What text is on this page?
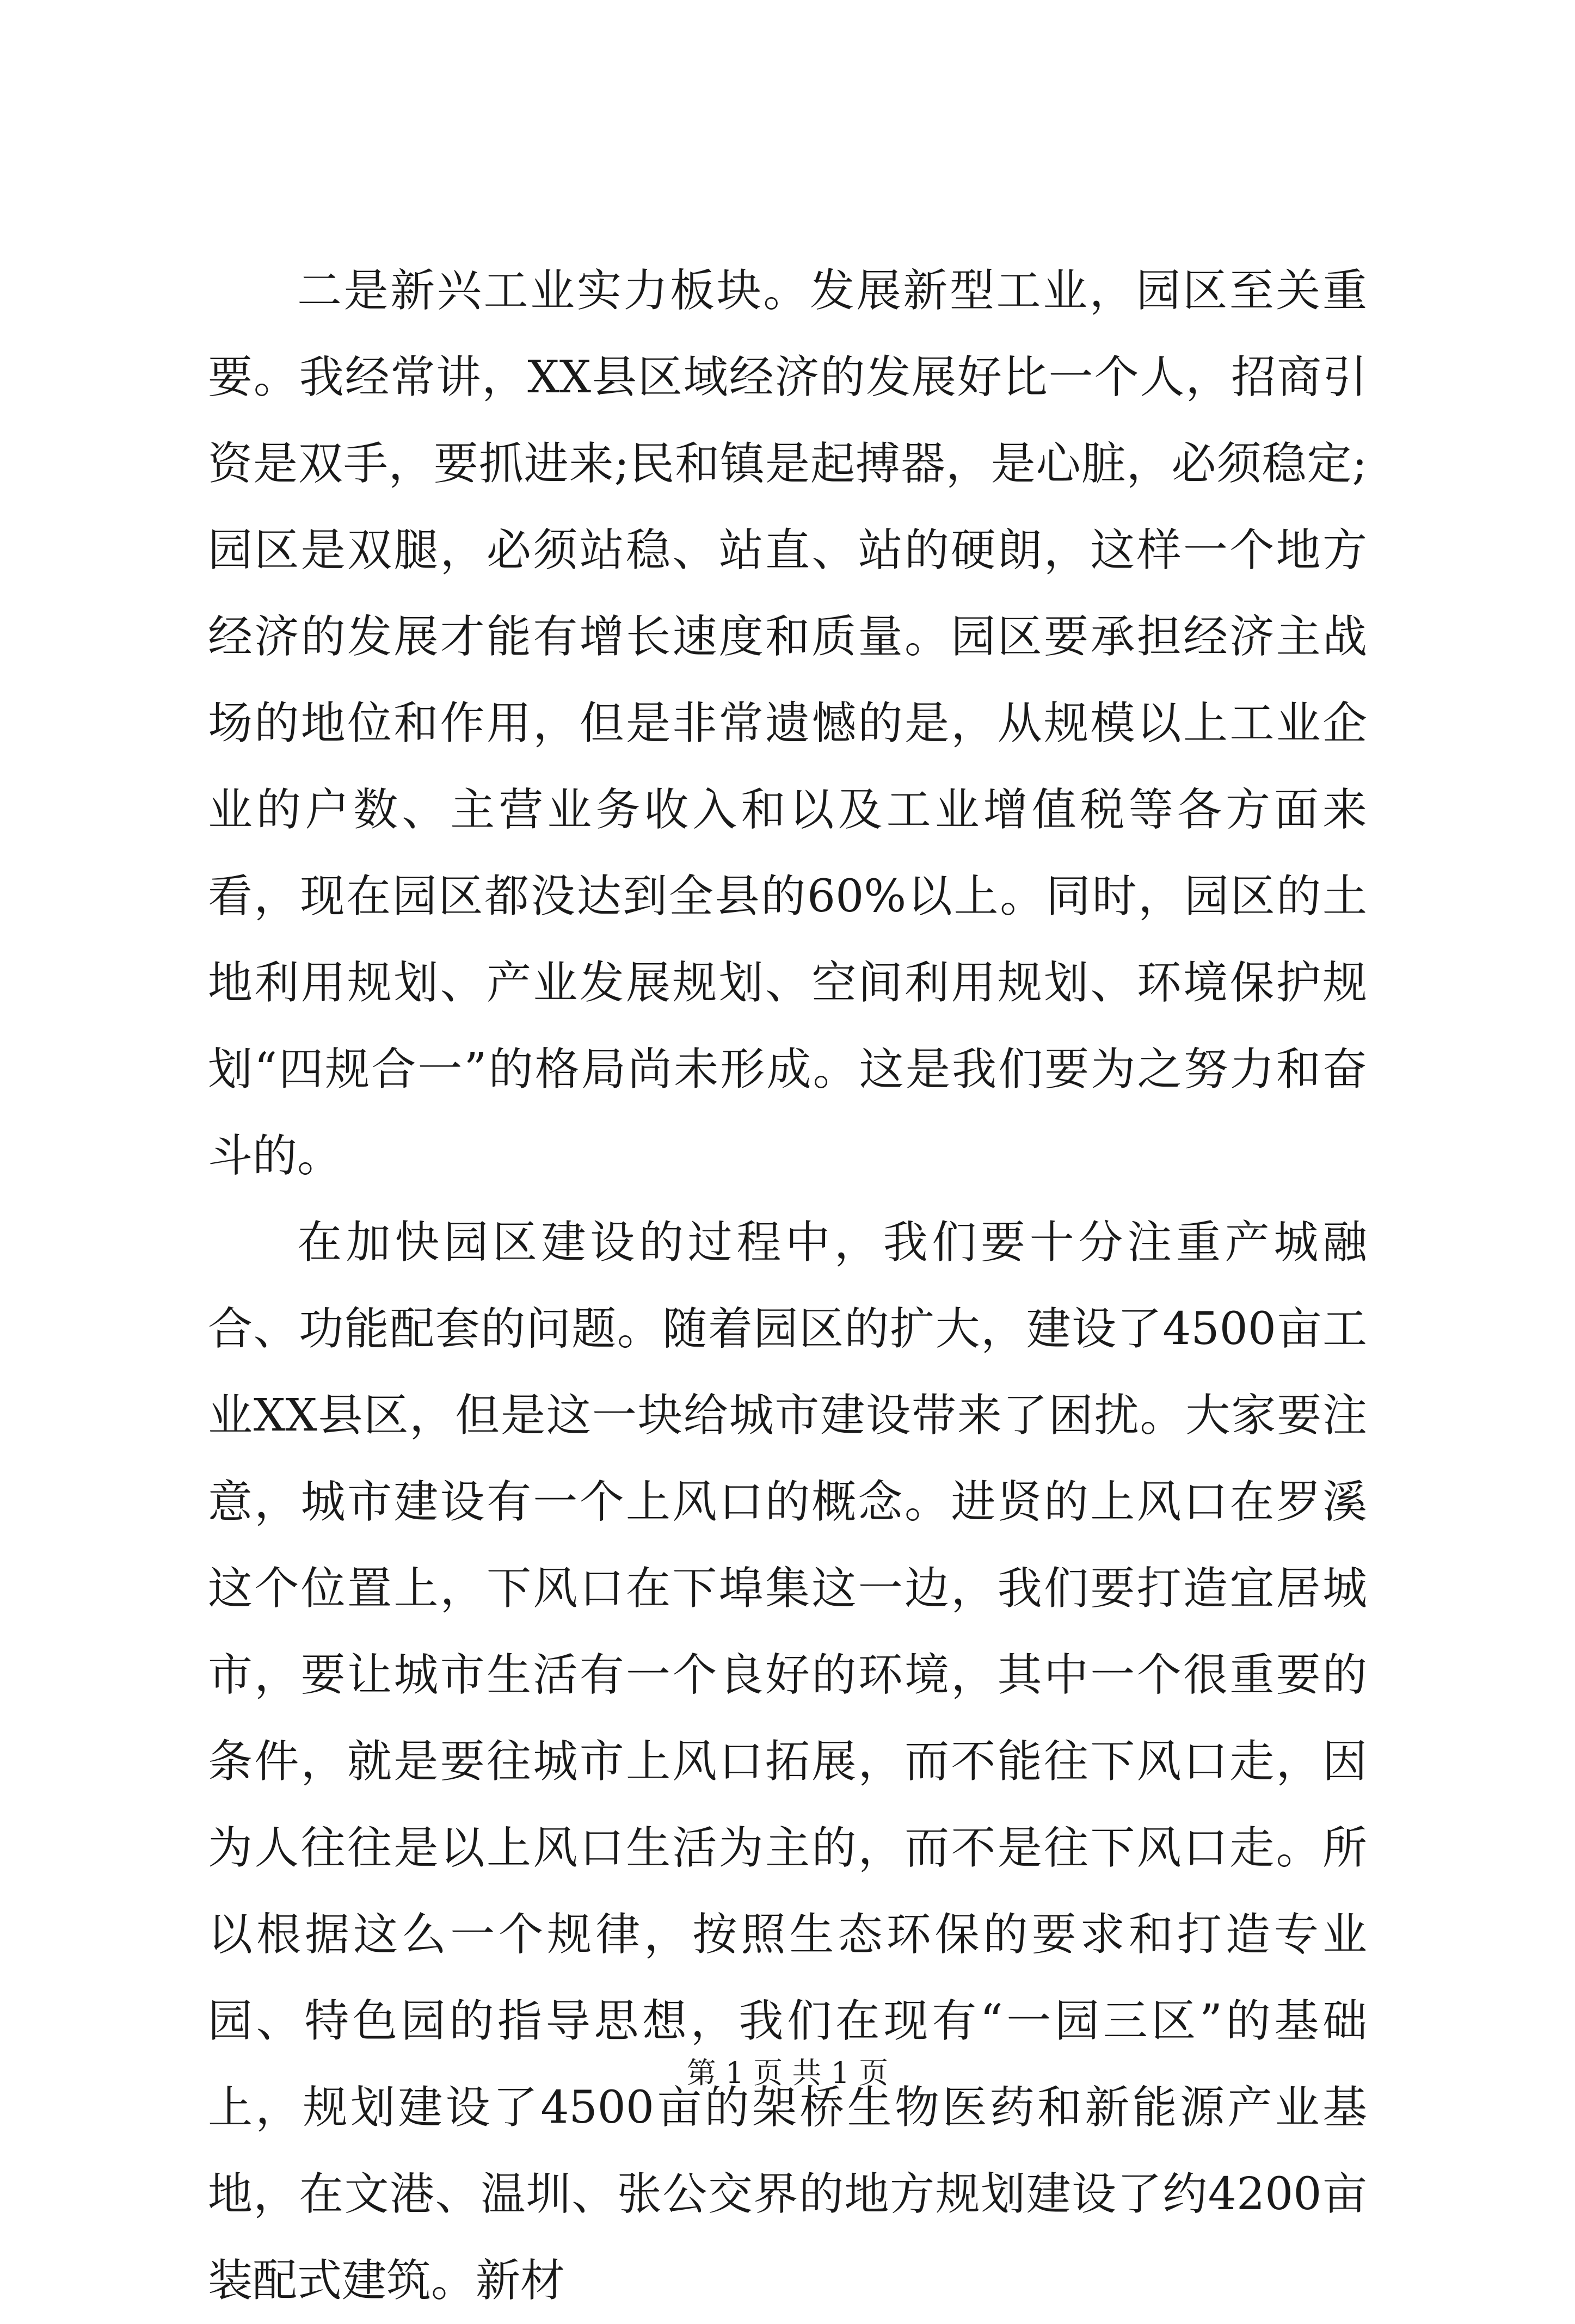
二是新兴工业实力板块。发展新型工业，园区至关重要。我经常讲，XX县区域经济的发展好比一个人，招商引资是双手，要抓进来;民和镇是起搏器，是心脏，必须稳定;园区是双腿，必须站稳、站直、站的硬朗，这样一个地方经济的发展才能有增长速度和质量。园区要承担经济主战场的地位和作用，但是非常遗憾的是，从规模以上工业企业的户数、主营业务收入和以及工业增值税等各方面来看，现在园区都没达到全县的60%以上。同时，园区的土地利用规划、产业发展规划、空间利用规划、环境保护规划“四规合一”的格局尚未形成。这是我们要为之努力和奋斗的。

在加快园区建设的过程中，我们要十分注重产城融合、功能配套的问题。随着园区的扩大，建设了4500亩工业XX县区，但是这一块给城市建设带来了困扰。大家要注意，城市建设有一个上风口的概念。进贤的上风口在罗溪这个位置上，下风口在下埠集这一边，我们要打造宜居城市，要让城市生活有一个良好的环境，其中一个很重要的条件，就是要往城市上风口拓展，而不能往下风口走，因为人往往是以上风口生活为主的，而不是往下风口走。所以根据这么一个规律，按照生态环保的要求和打造专业园、特色园的指导思想，我们在现有“一园三区”的基础上，规划建设了4500亩的架桥生物医药和新能源产业基地，在文港、温圳、张公交界的地方规划建设了约4200亩装配式建筑。新材

第 1 页 共 1 页
